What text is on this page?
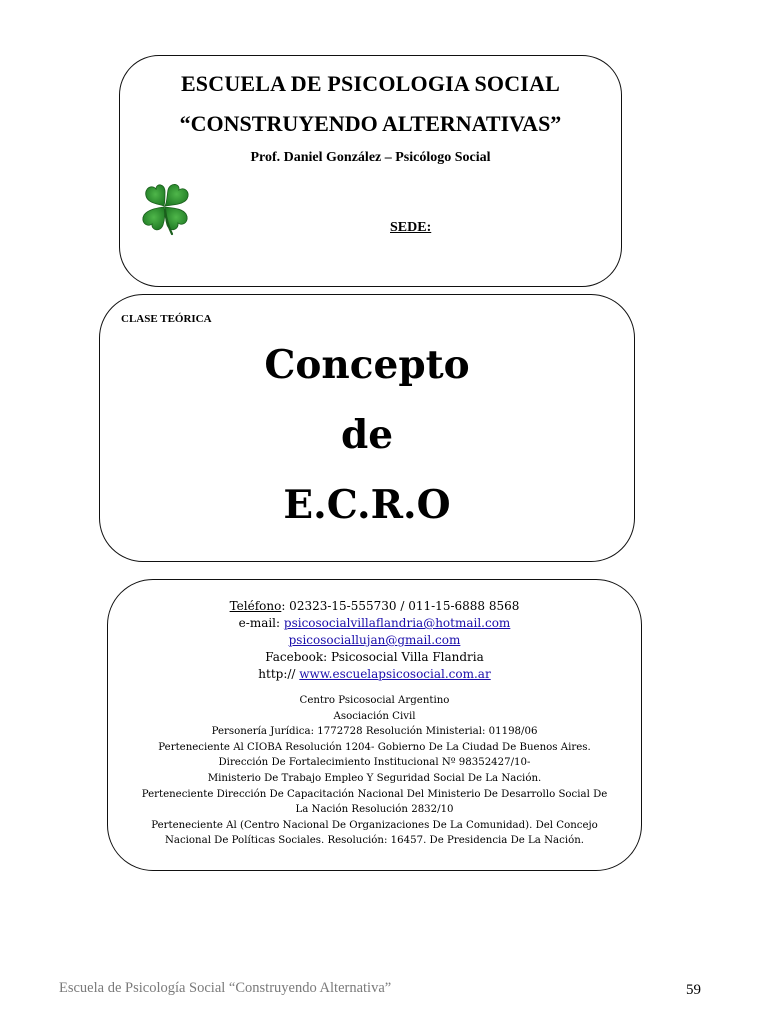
ESCUELA DE PSICOLOGIA SOCIAL
“CONSTRUYENDO ALTERNATIVAS”
Prof. Daniel González – Psicólogo Social
SEDE:
CLASE TEÓRICA
Concepto
de
E.C.R.O
Teléfono: 02323-15-555730 / 011-15-6888 8568
e-mail: psicosocialvillaflandria@hotmail.com
psicosociallujan@gmail.com
Facebook: Psicosocial Villa Flandria
http:// www.escuelapsicosocial.com.ar
Centro Psicosocial Argentino
Asociación Civil
Personería Jurídica: 1772728 Resolución Ministerial: 01198/06
Perteneciente Al CIOBA Resolución 1204- Gobierno De La Ciudad De Buenos Aires.
Dirección De Fortalecimiento Institucional Nº 98352427/10-
Ministerio De Trabajo Empleo Y Seguridad Social De La Nación.
Perteneciente Dirección De Capacitación Nacional Del Ministerio De Desarrollo Social De
La Nación Resolución 2832/10
Perteneciente Al (Centro Nacional De Organizaciones De La Comunidad). Del Concejo
Nacional De Políticas Sociales. Resolución: 16457. De Presidencia De La Nación.
Escuela de Psicología Social “Construyendo Alternativa”	59
